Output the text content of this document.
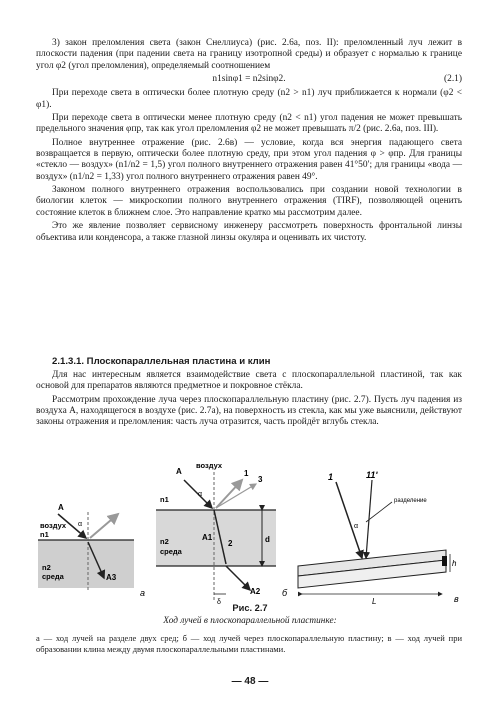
3) закон преломления света (закон Снеллиуса) (рис. 2.6а, поз. II): преломленный луч лежит в плоскости падения (при падении света на границу изотропной среды) и образует с нормалью к границе угол φ2 (угол преломления), определяемый соотношением

n1sinφ1 = n2sinφ2.	(2.1)

При переходе света в оптически более плотную среду (n2 > n1) луч приближается к нормали (φ2 < φ1).

При переходе света в оптически менее плотную среду (n2 < n1) угол падения не может превышать предельного значения φпр, так как угол преломления φ2 не может превышать π/2 (рис. 2.6а, поз. III).

Полное внутреннее отражение (рис. 2.6в) — условие, когда вся энергия падающего света возвращается в первую, оптически более плотную среду, при этом угол падения φ > φпр. Для границы «стекло — воздух» (n1/n2 = 1,5) угол полного внутреннего отражения равен 41°50′; для границы «вода — воздух» (n1/n2 = 1,33) угол полного внутреннего отражения равен 49°.

Законом полного внутреннего отражения воспользовались при создании новой технологии в биологии клеток — микроскопии полного внутреннего отражения (TIRF), позволяющей оценить состояние клеток в ближнем слое. Это направление кратко мы рассмотрим далее.

Это же явление позволяет сервисному инженеру рассмотреть поверхность фронтальной линзы объектива или конденсора, а также глазной линзы окуляра и оценивать их чистоту.

2.1.3.1. Плоскопараллельная пластина и клин

Для нас интересным является взаимодействие света с плоскопараллельной пластиной, так как основой для препаратов являются предметное и покровное стёкла.

Рассмотрим прохождение луча через плоскопараллельную пластину (рис. 2.7). Пусть луч падения из воздуха A, находящегося в воздухе (рис. 2.7а), на поверхность из стекла, как мы уже выяснили, действуют законы отражения и преломления: часть луча отразится, часть пройдёт вглубь стекла.

воздух
n1
n2
среда
A
α
A3
а
воздух
A
α
n1
n2
среда
A1
2
1
3
d
δ
A2 б
1	11ʹ
разделение
α
h
L	в
Рис. 2.7
Ход лучей в плоскопараллельной пластинке:
а — ход лучей на разделе двух сред; б — ход лучей через плоскопараллельную пластину; в — ход лучей при образовании клина между двумя плоскопараллельными пластинами.
— 48 —
